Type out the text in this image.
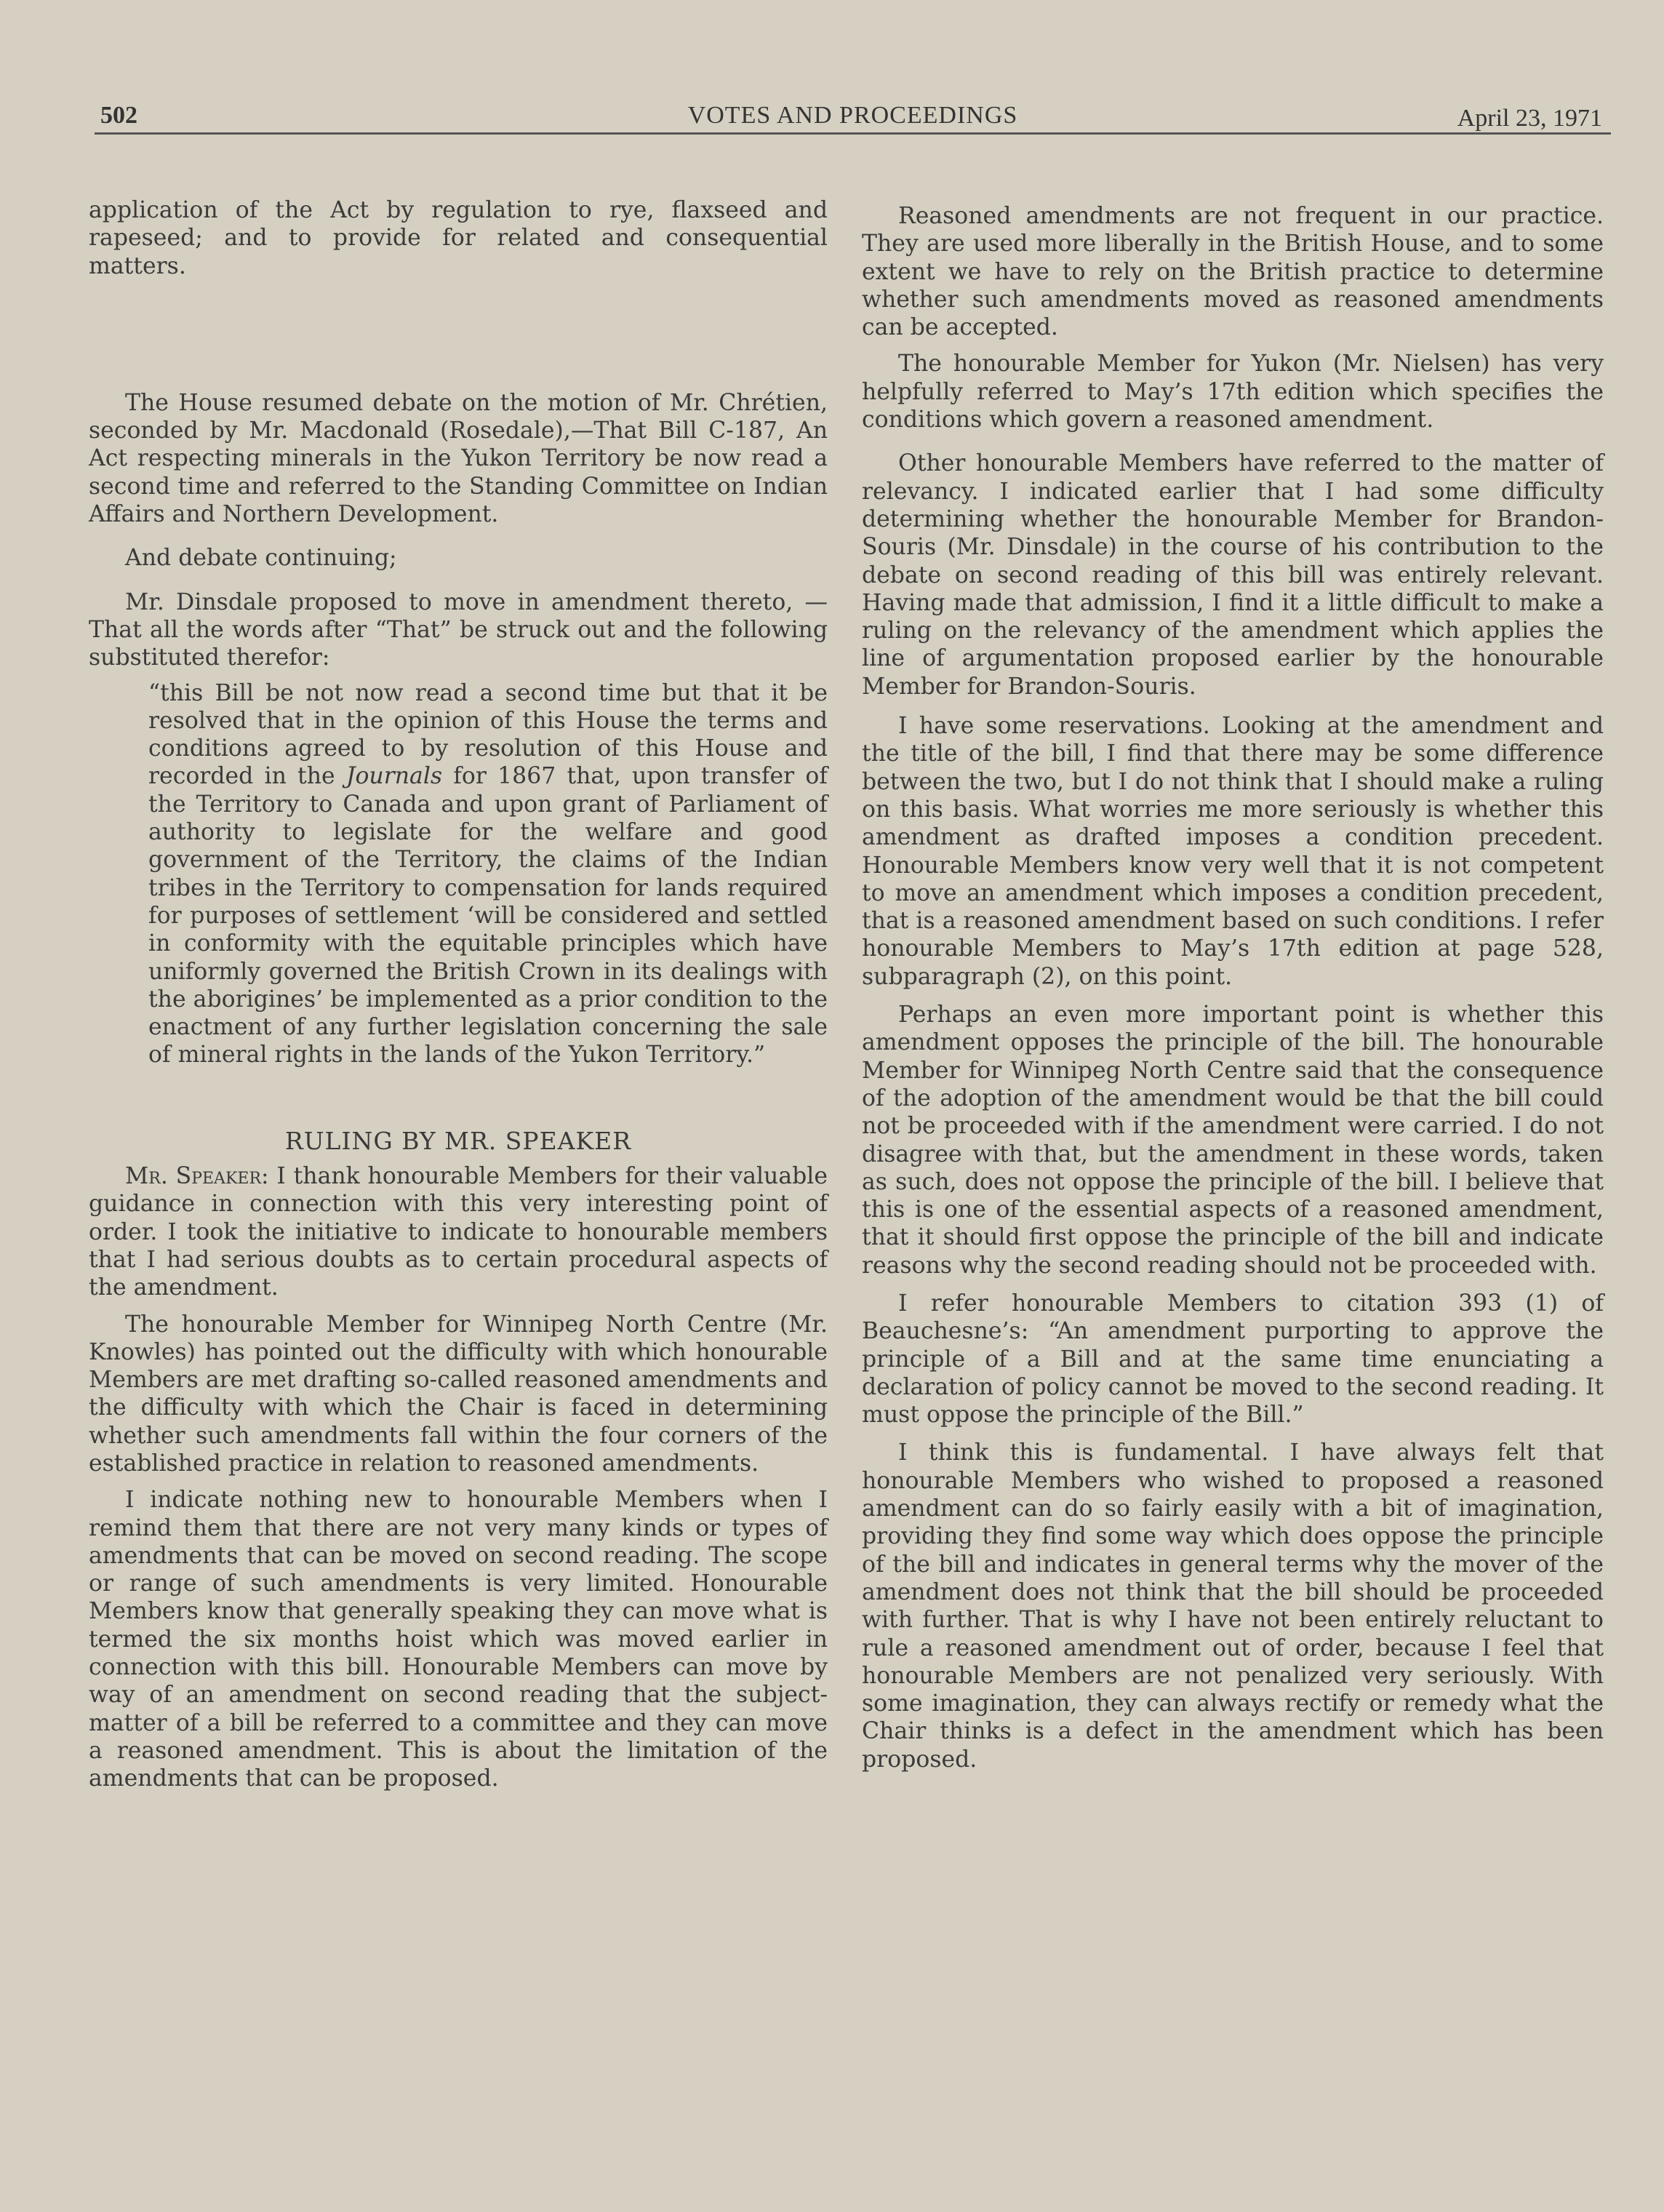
502	VOTES AND PROCEEDINGS	April 23, 1971

application of the Act by regulation to rye, flaxseed and rapeseed; and to provide for related and consequential matters.

The House resumed debate on the motion of Mr. Chrétien, seconded by Mr. Macdonald (Rosedale),—That Bill C-187, An Act respecting minerals in the Yukon Territory be now read a second time and referred to the Standing Committee on Indian Affairs and Northern Development.

And debate continuing;

Mr. Dinsdale proposed to move in amendment thereto, —That all the words after “That” be struck out and the following substituted therefor:

“this Bill be not now read a second time but that it be resolved that in the opinion of this House the terms and conditions agreed to by resolution of this House and recorded in the Journals for 1867 that, upon transfer of the Territory to Canada and upon grant of Parliament of authority to legislate for the welfare and good government of the Territory, the claims of the Indian tribes in the Territory to compensation for lands required for purposes of settlement ‘will be considered and settled in conformity with the equitable principles which have uniformly governed the British Crown in its dealings with the aborigines’ be implemented as a prior condition to the enactment of any further legislation concerning the sale of mineral rights in the lands of the Yukon Territory.”

RULING BY MR. SPEAKER

Mr. Speaker: I thank honourable Members for their valuable guidance in connection with this very interesting point of order. I took the initiative to indicate to honourable members that I had serious doubts as to certain procedural aspects of the amendment.

The honourable Member for Winnipeg North Centre (Mr. Knowles) has pointed out the difficulty with which honourable Members are met drafting so-called reasoned amendments and the difficulty with which the Chair is faced in determining whether such amendments fall within the four corners of the established practice in relation to reasoned amendments.

I indicate nothing new to honourable Members when I remind them that there are not very many kinds or types of amendments that can be moved on second reading. The scope or range of such amendments is very limited. Honourable Members know that generally speaking they can move what is termed the six months hoist which was moved earlier in connection with this bill. Honourable Members can move by way of an amendment on second reading that the subject-matter of a bill be referred to a committee and they can move a reasoned amendment. This is about the limitation of the amendments that can be proposed.

Reasoned amendments are not frequent in our practice. They are used more liberally in the British House, and to some extent we have to rely on the British practice to determine whether such amendments moved as reasoned amendments can be accepted.

The honourable Member for Yukon (Mr. Nielsen) has very helpfully referred to May’s 17th edition which specifies the conditions which govern a reasoned amendment.

Other honourable Members have referred to the matter of relevancy. I indicated earlier that I had some difficulty determining whether the honourable Member for Brandon-Souris (Mr. Dinsdale) in the course of his contribution to the debate on second reading of this bill was entirely relevant. Having made that admission, I find it a little difficult to make a ruling on the relevancy of the amendment which applies the line of argumentation proposed earlier by the honourable Member for Brandon-Souris.

I have some reservations. Looking at the amendment and the title of the bill, I find that there may be some difference between the two, but I do not think that I should make a ruling on this basis. What worries me more seriously is whether this amendment as drafted imposes a condition precedent. Honourable Members know very well that it is not competent to move an amendment which imposes a condition precedent, that is a reasoned amendment based on such conditions. I refer honourable Members to May’s 17th edition at page 528, subparagraph (2), on this point.

Perhaps an even more important point is whether this amendment opposes the principle of the bill. The honourable Member for Winnipeg North Centre said that the consequence of the adoption of the amendment would be that the bill could not be proceeded with if the amendment were carried. I do not disagree with that, but the amendment in these words, taken as such, does not oppose the principle of the bill. I believe that this is one of the essential aspects of a reasoned amendment, that it should first oppose the principle of the bill and indicate reasons why the second reading should not be proceeded with.

I refer honourable Members to citation 393 (1) of Beauchesne’s: “An amendment purporting to approve the principle of a Bill and at the same time enunciating a declaration of policy cannot be moved to the second reading. It must oppose the principle of the Bill.”

I think this is fundamental. I have always felt that honourable Members who wished to proposed a reasoned amendment can do so fairly easily with a bit of imagination, providing they find some way which does oppose the principle of the bill and indicates in general terms why the mover of the amendment does not think that the bill should be proceeded with further. That is why I have not been entirely reluctant to rule a reasoned amendment out of order, because I feel that honourable Members are not penalized very seriously. With some imagination, they can always rectify or remedy what the Chair thinks is a defect in the amendment which has been proposed.
